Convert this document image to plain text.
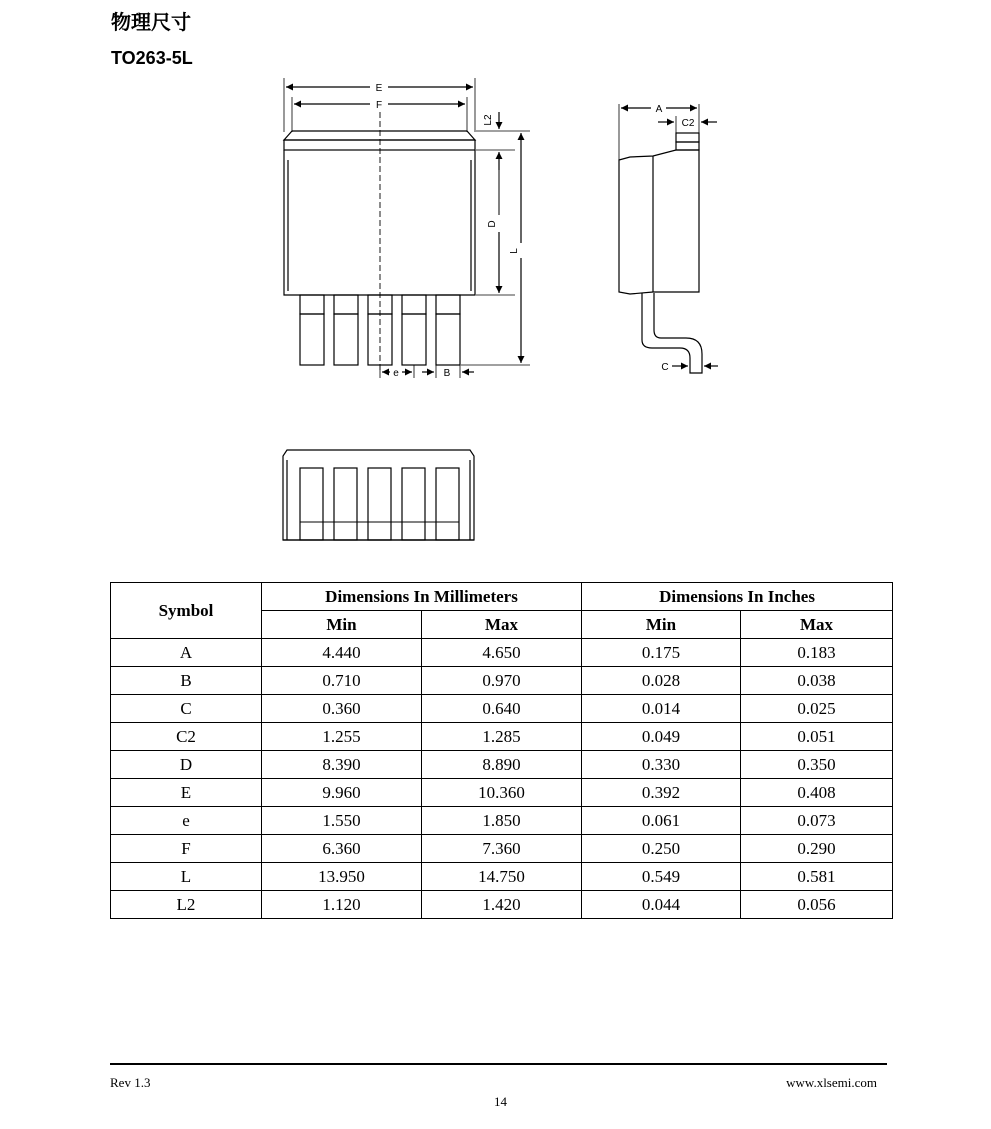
物理尺寸
TO263-5L
E
F
L2
D
L
e	B
A
C2
C
Symbol	Dimensions In Millimeters		Dimensions In Inches	
	Min	Max	Min	Max
A	4.440	4.650	0.175	0.183
B	0.710	0.970	0.028	0.038
C	0.360	0.640	0.014	0.025
C2	1.255	1.285	0.049	0.051
D	8.390	8.890	0.330	0.350
E	9.960	10.360	0.392	0.408
e	1.550	1.850	0.061	0.073
F	6.360	7.360	0.250	0.290
L	13.950	14.750	0.549	0.581
L2	1.120	1.420	0.044	0.056
Rev 1.3	www.xlsemi.com
14
